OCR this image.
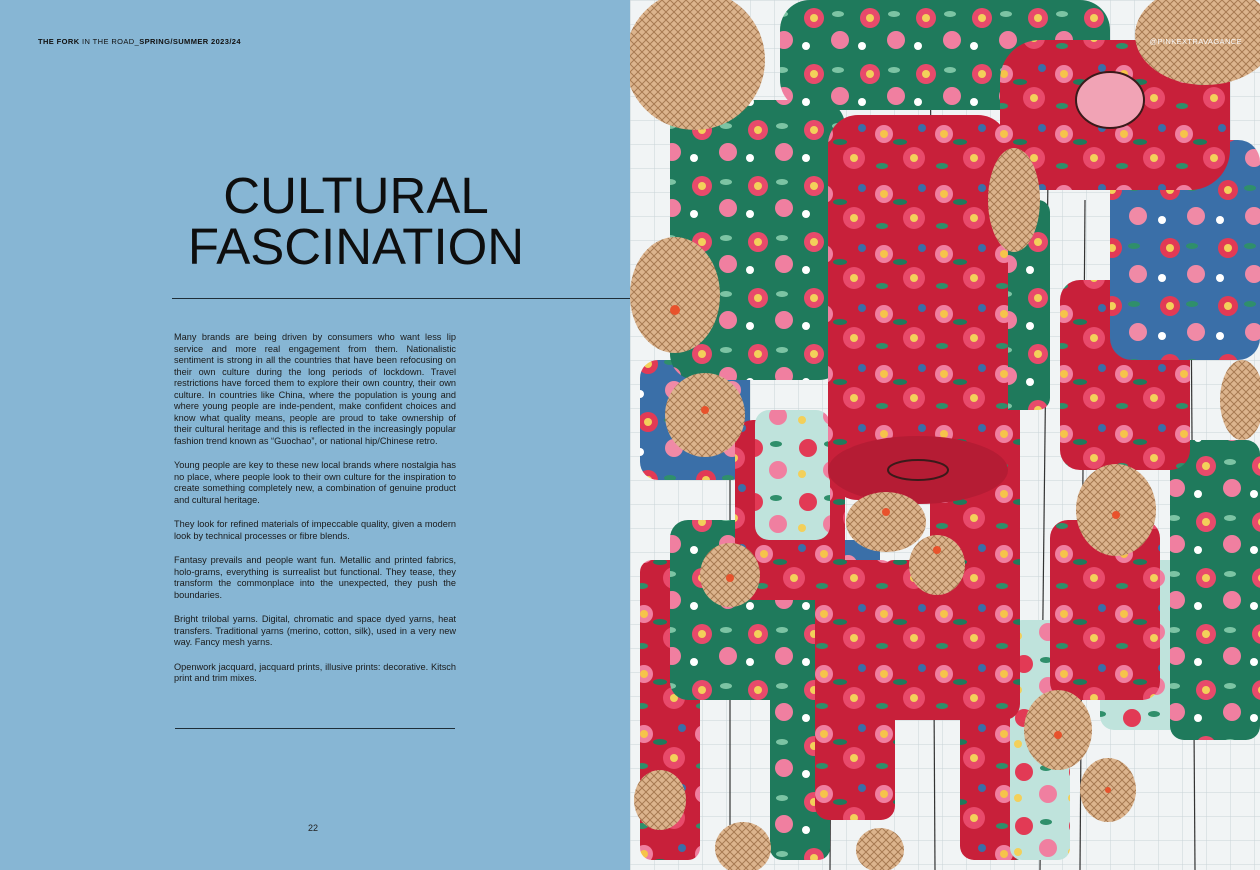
THE FORK IN THE ROAD_SPRING/SUMMER 2023/24
CULTURAL
FASCINATION

Many brands are being driven by consumers who want less lip service and more real engagement from them. Nationalistic sentiment is strong in all the countries that have been refocusing on their own culture during the long periods of lockdown. Travel restrictions have forced them to explore their own country, their own culture. In countries like China, where the population is young and where young people are inde-pendent, make confident choices and know what quality means, people are proud to take ownership of their cultural heritage and this is reflected in the increasingly popular fashion trend known as “Guochao”, or national hip/Chinese retro.

Young people are key to these new local brands where nostalgia has no place, where people look to their own culture for the inspiration to create something completely new, a combination of genuine product and cultural heritage.

They look for refined materials of impeccable quality, given a modern look by technical processes or fibre blends.

Fantasy prevails and people want fun. Metallic and printed fabrics, holo-grams, everything is surrealist but functional. They tease, they transform the commonplace into the unexpected, they push the boundaries.

Bright trilobal yarns. Digital, chromatic and space dyed yarns, heat transfers. Traditional yarns (merino, cotton, silk), used in a very new way. Fancy mesh yarns.

Openwork jacquard, jacquard prints, illusive prints: decorative. Kitsch print and trim mixes.

22
@PINKEXTRAVAGANCE
